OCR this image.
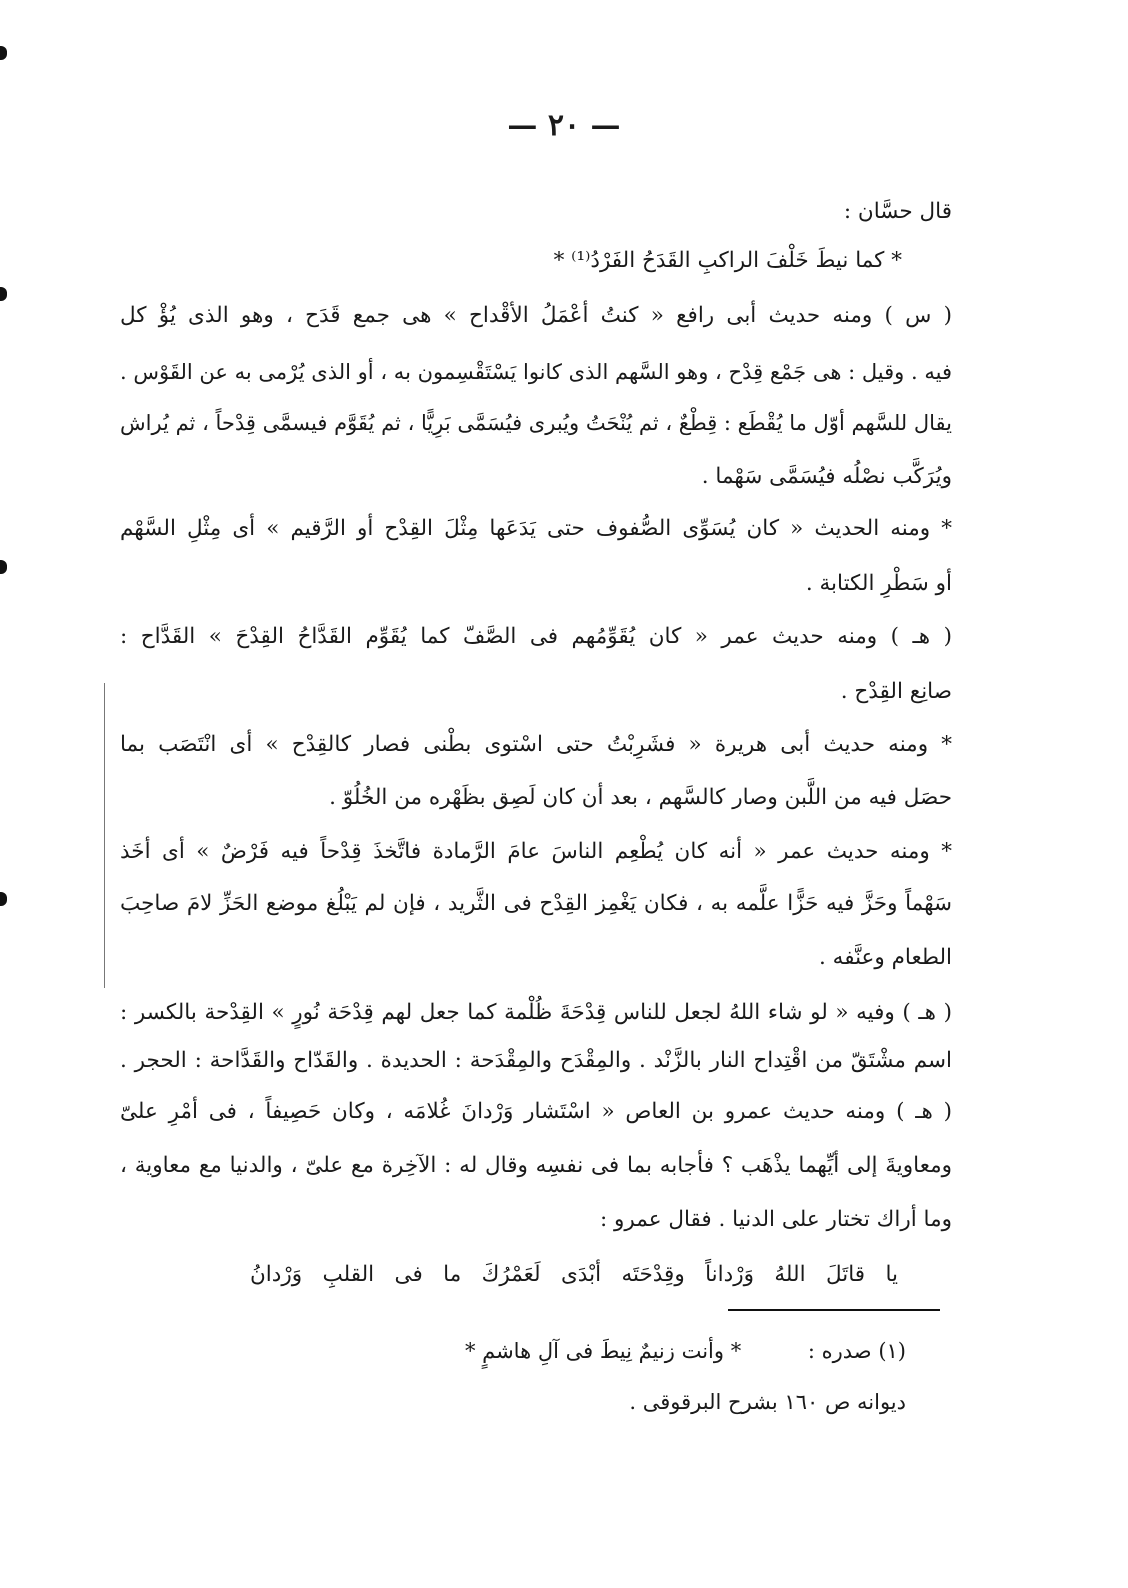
— ٢٠ —
قال حسَّان :
* كما نيطَ خَلْفَ الراكبِ القَدَحُ الفَرْدُ⁽¹⁾ *
( س ) ومنه حديث أبى رافع « كنتُ أعْمَلُ الأقْداح » هى جمع قَدَح ، وهو الذى يُؤْ كل
فيه . وقيل : هى جَمْع قِدْح ، وهو السَّهم الذى كانوا يَسْتَقْسِمون به ، أو الذى يُرْمى به عن القَوْس .
يقال للسَّهم أوّل ما يُقْطَع : قِطْعٌ ، ثم يُنْحَتُ ويُبرى فيُسَمَّى بَرِيًّا ، ثم يُقَوَّم فيسمَّى قِدْحاً ، ثم يُراش
ويُرَكَّب نصْلُه فيُسَمَّى سَهْما .
* ومنه الحديث « كان يُسَوِّى الصُّفوف حتى يَدَعَها مِثْلَ القِدْح أو الرَّقيم » أى مِثْلِ السَّهْم
أو سَطْرِ الكتابة .
( هـ ) ومنه حديث عمر « كان يُقَوِّمُهم فى الصَّفّ كما يُقَوِّم القَدَّاحُ القِدْحَ » القَدَّاح :
صانِع القِدْح .
* ومنه حديث أبى هريرة « فشَرِبْتُ حتى اسْتوى بطْنى فصار كالقِدْح » أى انْتَصَب بما
حصَل فيه من اللَّبن وصار كالسَّهم ، بعد أن كان لَصِق بظَهْره من الخُلُوّ .
* ومنه حديث عمر « أنه كان يُطْعِم الناسَ عامَ الرَّمادة فاتَّخذَ قِدْحاً فيه فَرْضٌ » أى أخَذ
سَهْماً وحَزَّ فيه حَزًّا علَّمه به ، فكان يَغْمِز القِدْح فى الثَّريد ، فإن لم يَبْلُغ موضع الحَزِّ لامَ صاحِبَ
الطعام وعنَّفه .
( هـ ) وفيه « لو شاء اللهُ لجعل للناس قِدْحَةَ ظُلْمة كما جعل لهم قِدْحَة نُورٍ » القِدْحة بالكسر :
اسم مشْتَقّ من اقْتِداح النار بالزَّنْد . والمِقْدَح والمِقْدَحة : الحديدة . والقَدّاح والقَدَّاحة : الحجر .
( هـ ) ومنه حديث عمرو بن العاص « اسْتَشار وَرْدانَ غُلامَه ، وكان حَصِيفاً ، فى أمْرِ علىّ
ومعاويةَ إلى أيِّهما يذْهَب ؟ فأجابه بما فى نفسِه وقال له : الآخِرة مع علىّ ، والدنيا مع معاوية ،
وما أراك تختار على الدنيا . فقال عمرو :
يا قاتَلَ اللهُ وَرْداناً وقِدْحَتَه أبْدَى لَعَمْرُكَ ما فى القلبِ وَرْدانُ
(١) صدره : * وأنت زنيمٌ نِيطَ فى آلِ هاشمٍ *
ديوانه ص ١٦٠ بشرح البرقوقى .
